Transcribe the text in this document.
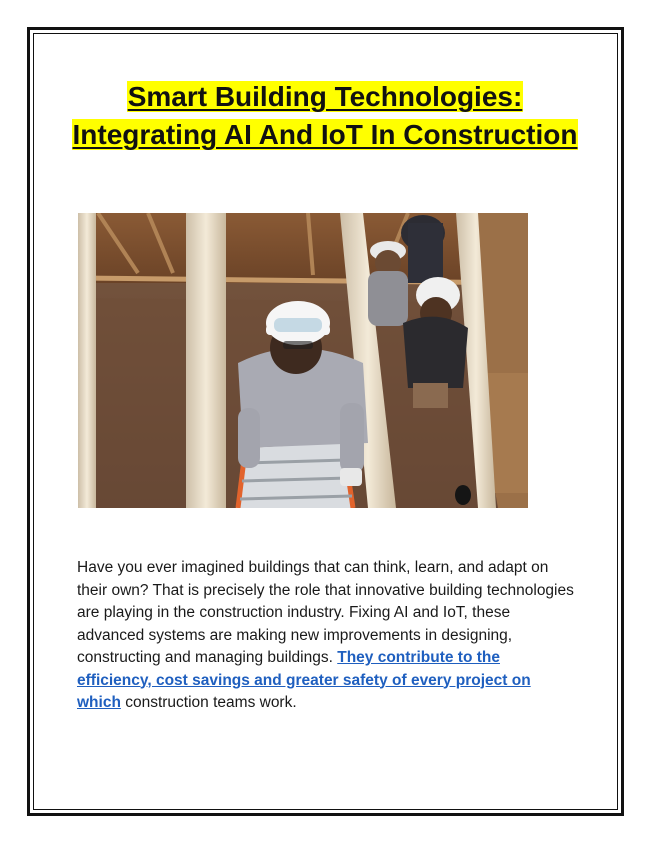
Smart Building Technologies: Integrating AI And IoT In Construction

Have you ever imagined buildings that can think, learn, and adapt on their own? That is precisely the role that innovative building technologies are playing in the construction industry. Fixing AI and IoT, these advanced systems are making new improvements in designing, constructing and managing buildings. They contribute to the efficiency, cost savings and greater safety of every project on which construction teams work.
